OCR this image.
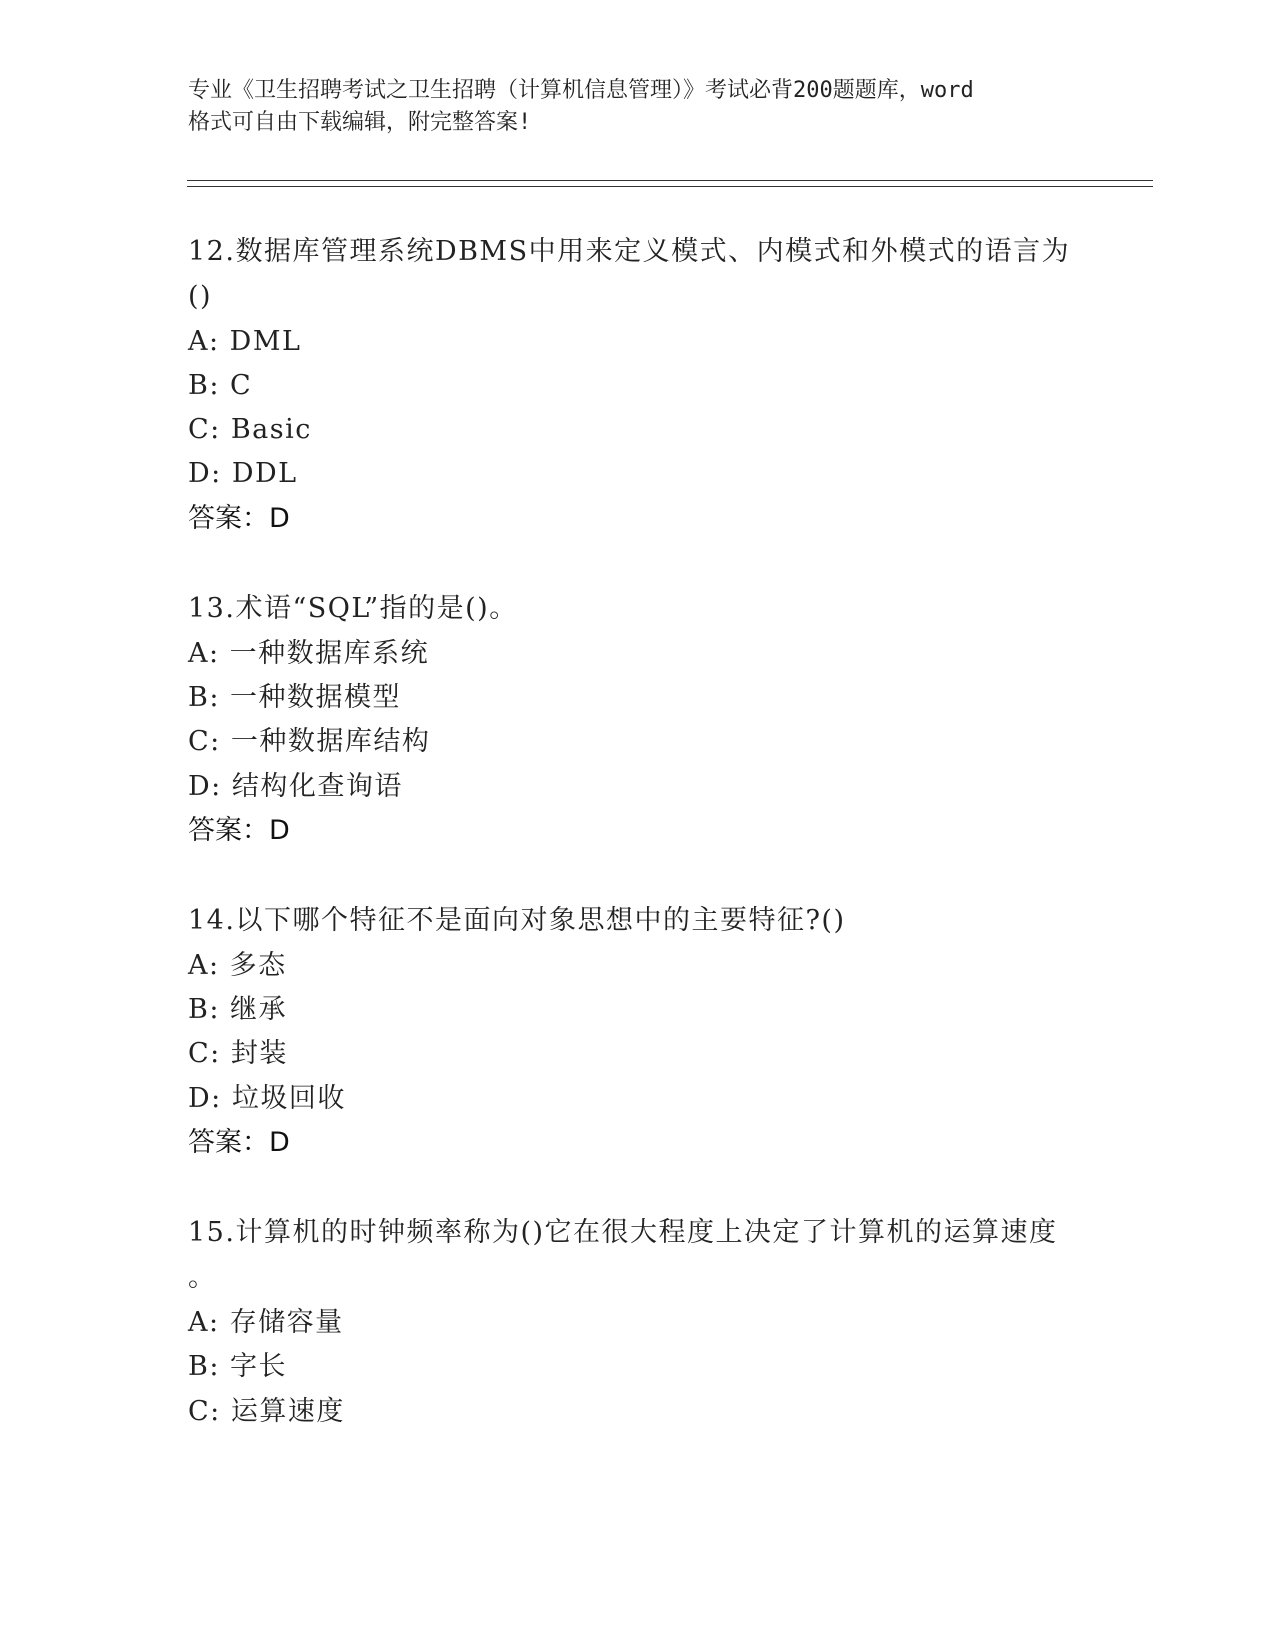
专业《卫生招聘考试之卫生招聘（计算机信息管理）》考试必背200题题库，word
格式可自由下载编辑，附完整答案!
12.数据库管理系统DBMS中用来定义模式、内模式和外模式的语言为
()
A: DML
B: C
C: Basic
D: DDL
答案：D
13.术语“SQL”指的是()。
A: 一种数据库系统
B: 一种数据模型
C: 一种数据库结构
D: 结构化查询语
答案：D
14.以下哪个特征不是面向对象思想中的主要特征?()
A: 多态
B: 继承
C: 封装
D: 垃圾回收
答案：D
15.计算机的时钟频率称为()它在很大程度上决定了计算机的运算速度
。
A: 存储容量
B: 字长
C: 运算速度
